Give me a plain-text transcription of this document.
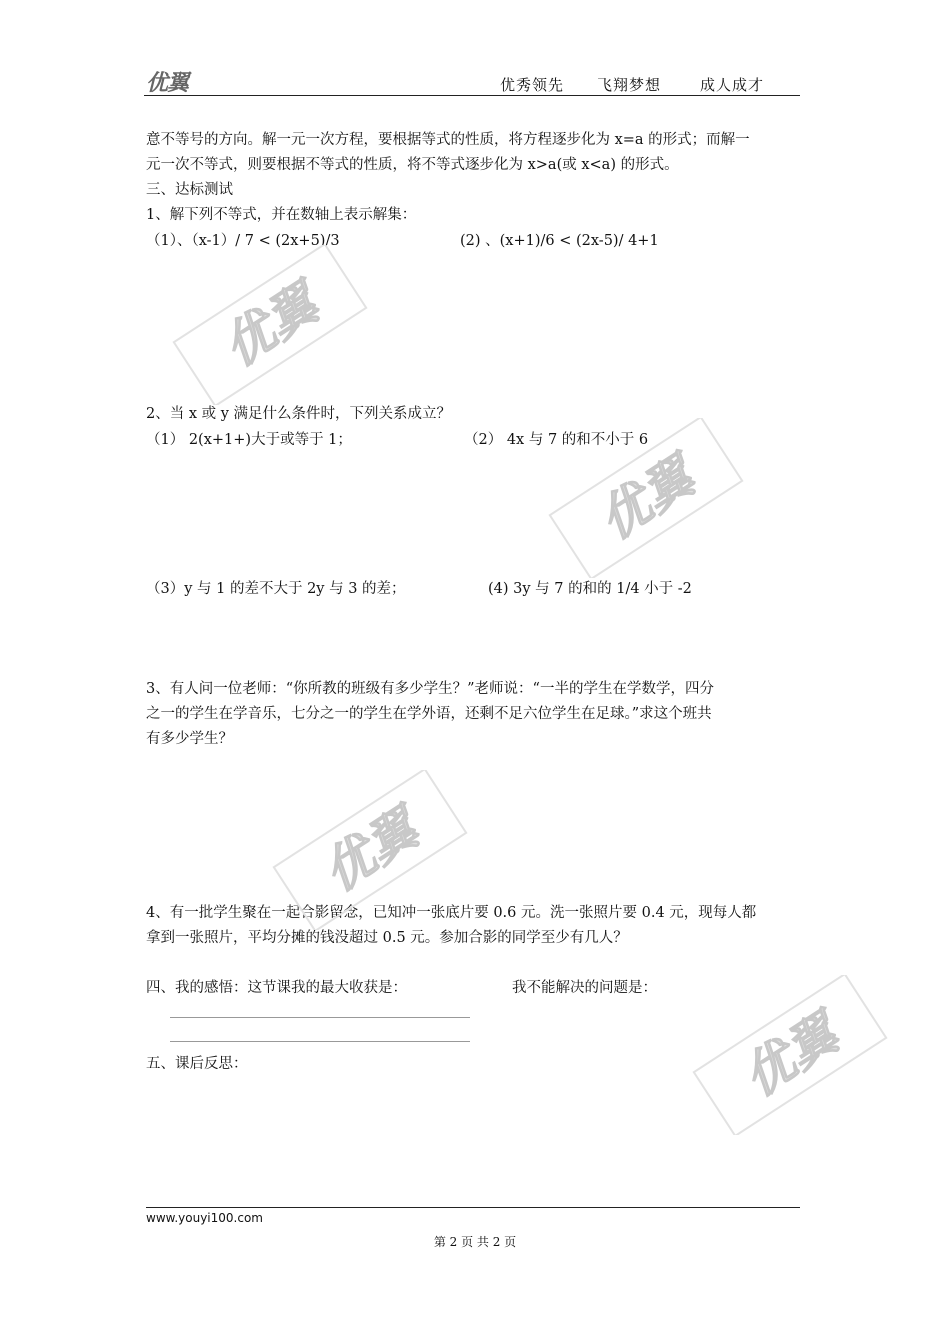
优翼	优秀领先 飞翔梦想	成人成才
意不等号的方向。解一元一次方程，要根据等式的性质，将方程逐步化为 x=a 的形式；而解一
元一次不等式，则要根据不等式的性质，将不等式逐步化为 x>a(或 x<a) 的形式。
三、达标测试
1、解下列不等式，并在数轴上表示解集：
（1）、（x-1）/ 7 < (2x+5)/3	(2) 、(x+1)/6 < (2x-5)/ 4+1
2、当 x 或 y 满足什么条件时，下列关系成立？
（1） 2(x+1+)大于或等于 1；	（2） 4x 与 7 的和不小于 6
（3）y 与 1 的差不大于 2y 与 3 的差；	(4) 3y 与 7 的和的 1/4 小于 -2
3、有人问一位老师：“你所教的班级有多少学生？”老师说：“一半的学生在学数学，四分
之一的学生在学音乐，七分之一的学生在学外语，还剩不足六位学生在足球。”求这个班共
有多少学生？
4、有一批学生聚在一起合影留念，已知冲一张底片要 0.6 元。洗一张照片要 0.4 元，现每人都
拿到一张照片，平均分摊的钱没超过 0.5 元。参加合影的同学至少有几人？
四、我的感悟：这节课我的最大收获是：	我不能解决的问题是：
五、课后反思：
优翼
优翼
优翼
优翼
www.youyi100.com
第 2 页 共 2 页
